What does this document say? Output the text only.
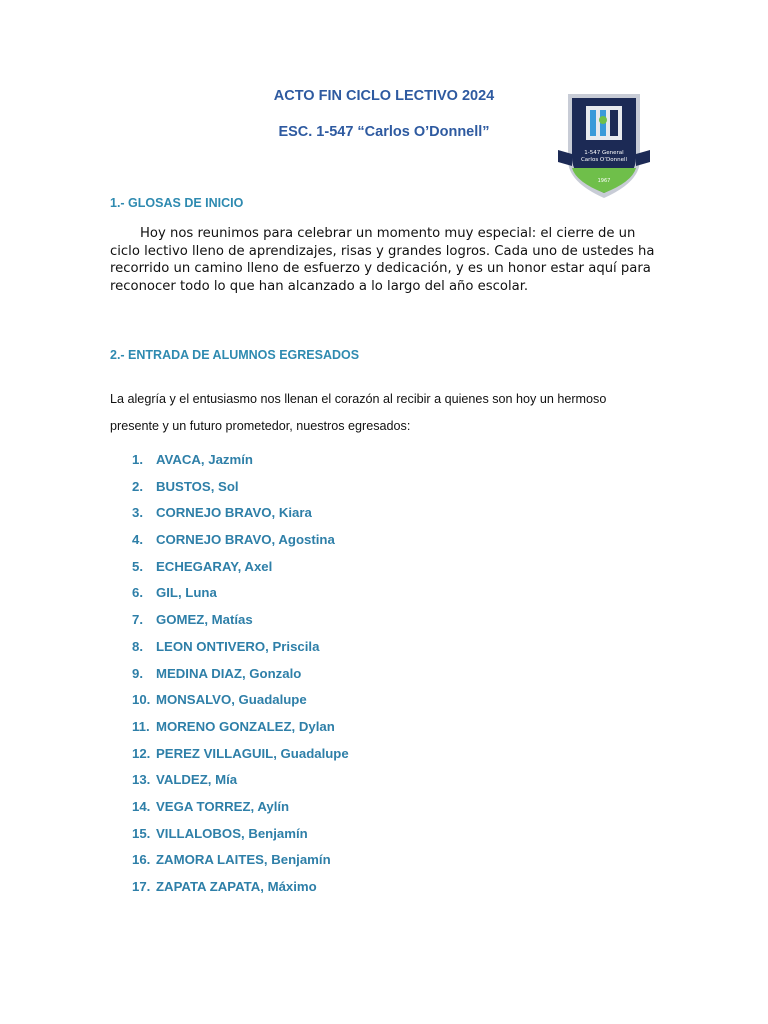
ACTO FIN CICLO LECTIVO 2024
ESC. 1-547 “Carlos O’Donnell”
1-547 General
Carlos O’Donnell
1967
1.- GLOSAS DE INICIO
Hoy nos reunimos para celebrar un momento muy especial: el cierre de un ciclo lectivo lleno de aprendizajes, risas y grandes logros. Cada uno de ustedes ha recorrido un camino lleno de esfuerzo y dedicación, y es un honor estar aquí para reconocer todo lo que han alcanzado a lo largo del año escolar.
2.- ENTRADA DE ALUMNOS EGRESADOS
La alegría y el entusiasmo nos llenan el corazón al recibir a quienes son hoy un hermoso presente y un futuro prometedor, nuestros egresados:
1. AVACA, Jazmín
2. BUSTOS, Sol
3. CORNEJO BRAVO, Kiara
4. CORNEJO BRAVO, Agostina
5. ECHEGARAY, Axel
6. GIL, Luna
7. GOMEZ, Matías
8. LEON ONTIVERO, Priscila
9. MEDINA DIAZ, Gonzalo
10. MONSALVO, Guadalupe
11. MORENO GONZALEZ, Dylan
12. PEREZ VILLAGUIL, Guadalupe
13. VALDEZ, Mía
14. VEGA TORREZ, Aylín
15. VILLALOBOS, Benjamín
16. ZAMORA LAITES, Benjamín
17. ZAPATA ZAPATA, Máximo
